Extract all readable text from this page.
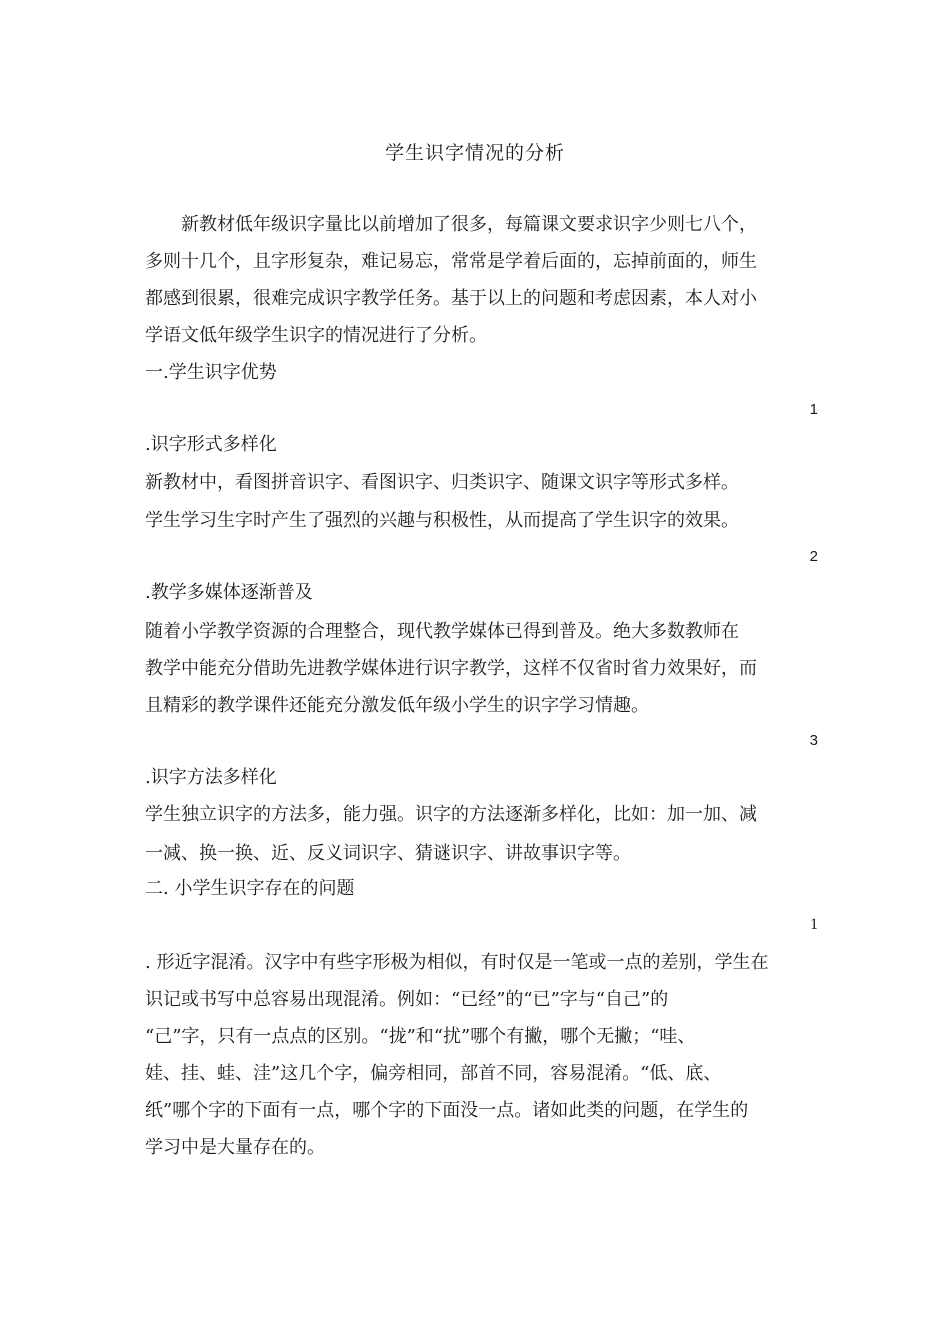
学生识字情况的分析
　　新教材低年级识字量比以前增加了很多，每篇课文要求识字少则七八个，
多则十几个，且字形复杂，难记易忘，常常是学着后面的，忘掉前面的，师生
都感到很累，很难完成识字教学任务。基于以上的问题和考虑因素，本人对小
学语文低年级学生识字的情况进行了分析。
一.学生识字优势
1
.识字形式多样化
新教材中，看图拼音识字、看图识字、归类识字、随课文识字等形式多样。
学生学习生字时产生了强烈的兴趣与积极性，从而提高了学生识字的效果。
2
.教学多媒体逐渐普及
随着小学教学资源的合理整合，现代教学媒体已得到普及。绝大多数教师在
教学中能充分借助先进教学媒体进行识字教学，这样不仅省时省力效果好，而
且精彩的教学课件还能充分激发低年级小学生的识字学习情趣。
3
.识字方法多样化
学生独立识字的方法多，能力强。识字的方法逐渐多样化，比如：加一加、减
一减、换一换、近、反义词识字、猜谜识字、讲故事识字等。
二. 小学生识字存在的问题
1
. 形近字混淆。汉字中有些字形极为相似，有时仅是一笔或一点的差别，学生在
识记或书写中总容易出现混淆。例如：“已经”的“已”字与“自己”的
“己”字，只有一点点的区别。“拢”和“扰”哪个有撇，哪个无撇；“哇、
娃、挂、蛙、洼”这几个字，偏旁相同，部首不同，容易混淆。“低、底、
纸”哪个字的下面有一点，哪个字的下面没一点。诸如此类的问题，在学生的
学习中是大量存在的。
